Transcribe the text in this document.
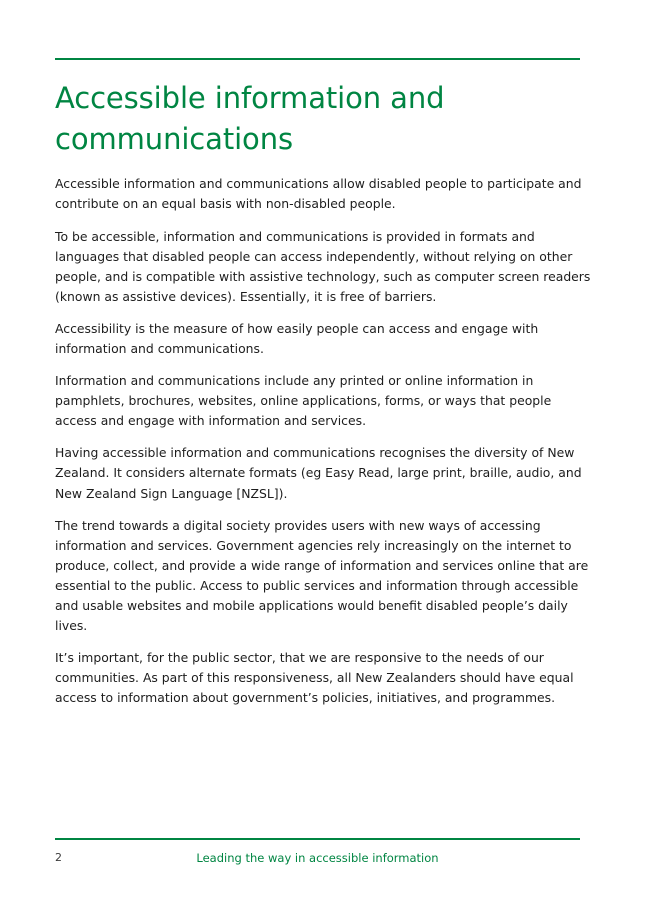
Accessible information and communications

Accessible information and communications allow disabled people to participate and contribute on an equal basis with non-disabled people.

To be accessible, information and communications is provided in formats and languages that disabled people can access independently, without relying on other people, and is compatible with assistive technology, such as computer screen readers (known as assistive devices). Essentially, it is free of barriers.

Accessibility is the measure of how easily people can access and engage with information and communications.

Information and communications include any printed or online information in pamphlets, brochures, websites, online applications, forms, or ways that people access and engage with information and services.

Having accessible information and communications recognises the diversity of New Zealand. It considers alternate formats (eg Easy Read, large print, braille, audio, and New Zealand Sign Language [NZSL]).

The trend towards a digital society provides users with new ways of accessing information and services. Government agencies rely increasingly on the internet to produce, collect, and provide a wide range of information and services online that are essential to the public. Access to public services and information through accessible and usable websites and mobile applications would benefit disabled people’s daily lives.

It’s important, for the public sector, that we are responsive to the needs of our communities. As part of this responsiveness, all New Zealanders should have equal access to information about government’s policies, initiatives, and programmes.

2	Leading the way in accessible information
